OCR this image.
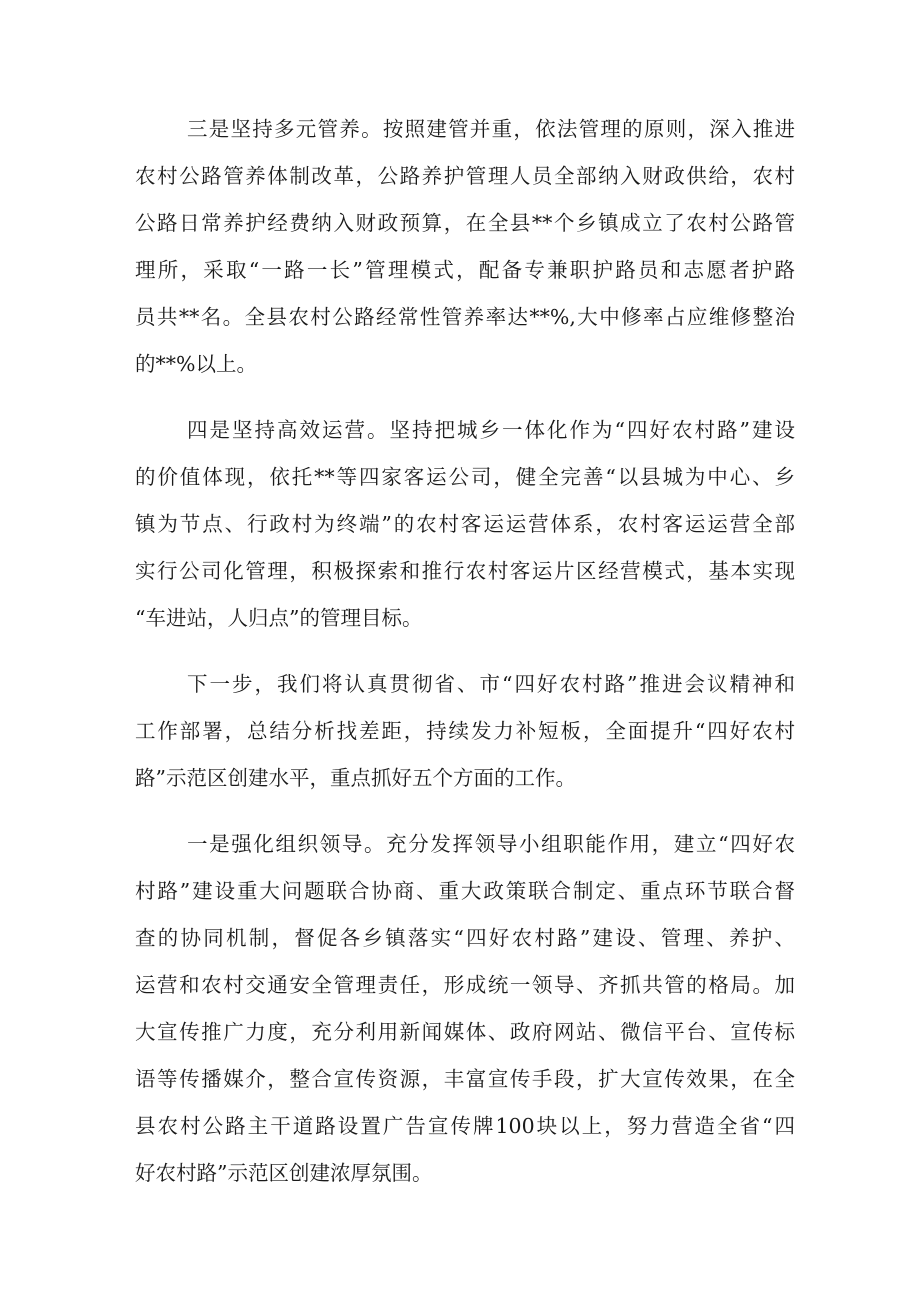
三是坚持多元管养。按照建管并重，依法管理的原则，深入推进
农村公路管养体制改革，公路养护管理人员全部纳入财政供给，农村
公路日常养护经费纳入财政预算，在全县**个乡镇成立了农村公路管
理所，采取“一路一长”管理模式，配备专兼职护路员和志愿者护路
员共**名。全县农村公路经常性管养率达**%,大中修率占应维修整治
的**%以上。
四是坚持高效运营。坚持把城乡一体化作为“四好农村路”建设
的价值体现，依托**等四家客运公司，健全完善“以县城为中心、乡
镇为节点、行政村为终端”的农村客运运营体系，农村客运运营全部
实行公司化管理，积极探索和推行农村客运片区经营模式，基本实现
“车进站，人归点”的管理目标。
下一步，我们将认真贯彻省、市“四好农村路”推进会议精神和
工作部署，总结分析找差距，持续发力补短板，全面提升“四好农村
路”示范区创建水平，重点抓好五个方面的工作。
一是强化组织领导。充分发挥领导小组职能作用，建立“四好农
村路”建设重大问题联合协商、重大政策联合制定、重点环节联合督
查的协同机制，督促各乡镇落实“四好农村路”建设、管理、养护、
运营和农村交通安全管理责任，形成统一领导、齐抓共管的格局。加
大宣传推广力度，充分利用新闻媒体、政府网站、微信平台、宣传标
语等传播媒介，整合宣传资源，丰富宣传手段，扩大宣传效果，在全
县农村公路主干道路设置广告宣传牌100块以上，努力营造全省“四
好农村路”示范区创建浓厚氛围。
